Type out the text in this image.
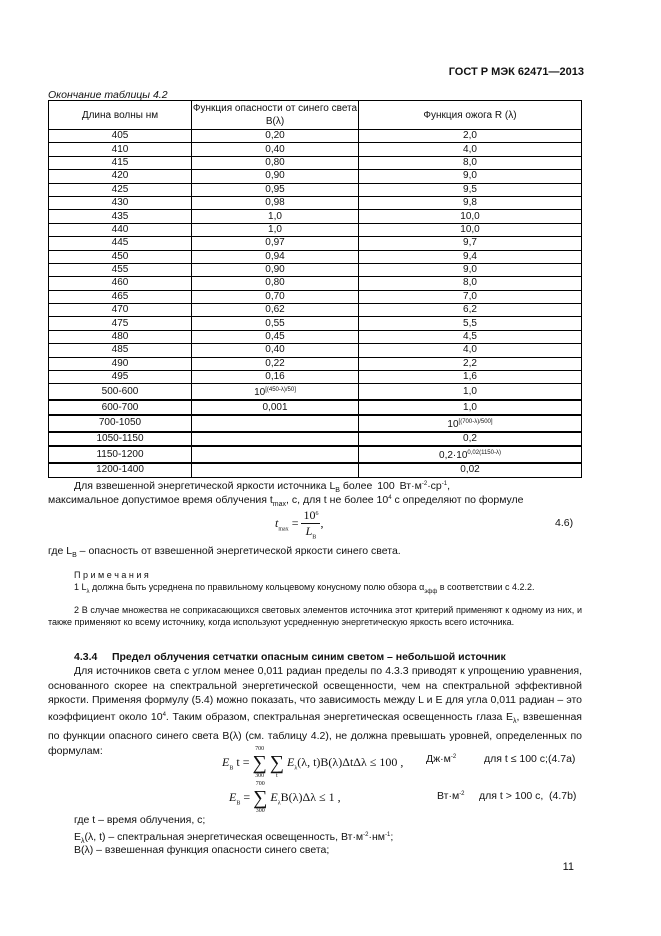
ГОСТ Р МЭК 62471—2013
Окончание таблицы 4.2
Длина волны нм	Функция опасности от синего света B(λ)	Функция ожога R (λ)
405	0,20	2,0
410	0,40	4,0
415	0,80	8,0
420	0,90	9,0
425	0,95	9,5
430	0,98	9,8
435	1,0	10,0
440	1,0	10,0
445	0,97	9,7
450	0,94	9,4
455	0,90	9,0
460	0,80	8,0
465	0,70	7,0
470	0,62	6,2
475	0,55	5,5
480	0,45	4,5
485	0,40	4,0
490	0,22	2,2
495	0,16	1,6
500-600	10[(450-λ)/50]	1,0
600-700	0,001	1,0
700-1050		10[(700-λ)/500]
1050-1150		0,2
1150-1200		$0,2\cdot 10^{0,02(1150-\lambda)}$
1200-1400		0,02
Для взвешенной энергетической яркости источника $L_B$ более 100 $Вт\cdot м^{-2}\cdot ср^{-1}$,
максимальное допустимое время облучения $t_{max}$, c, для t не более $10^4$ c определяют по формуле
$t_{max} = \frac{10^6}{L_B}$ ,	4.6)
где $L_B$ – опасность от взвешенной энергетической яркости синего света.
П р и м е ч а н и я
1 $L_\lambda$ должна быть усреднена по правильному кольцевому конусному полю обзора $\alpha_{эфф}$ в соответствии с 4.2.2.
2 В случае множества не соприкасающихся световых элементов источника этот критерий применяют к одному из них, и также применяют ко всему источнику, когда используют усредненную энергетическую яркость всего источника.
4.3.4 Предел облучения сетчатки опасным синим светом – небольшой источник
Для источников света с углом менее 0,011 радиан пределы по 4.3.3 приводят к упрощению уравнения, основанного скорее на спектральной энергетической освещенности, чем на спектральной эффективной яркости. Применяя формулу (5.4) можно показать, что зависимость между L и E для угла 0,011 радиан – это коэффициент около $10^4$. Таким образом, спектральная энергетическая освещенность глаза $E_\lambda$, взвешенная по функции опасного синего света B(λ) (см. таблицу 4.2), не должна превышать уровней, определенных по формулам:
$E_B$ t =
700
∑
300

∑
t
$E_\lambda(\lambda$, t)B(λ)ΔtΔλ ≤ 100 , $Дж\cdot м^{-2}$	для t ≤ 100 с; (4.7a)
$E_B$ =
700
∑
300
$E_\lambda B(\lambda)\Delta\lambda \le 1$ ,	$Вт\cdot м^{-2}$ для t > 100 с, (4.7b)
где t – время облучения, с;
$E_\lambda(\lambda$, t) – спектральная энергетическая освещенность, $Вт\cdot м^{-2}\cdot нм^{-1}$;
B(λ) – взвешенная функция опасности синего света;
11
